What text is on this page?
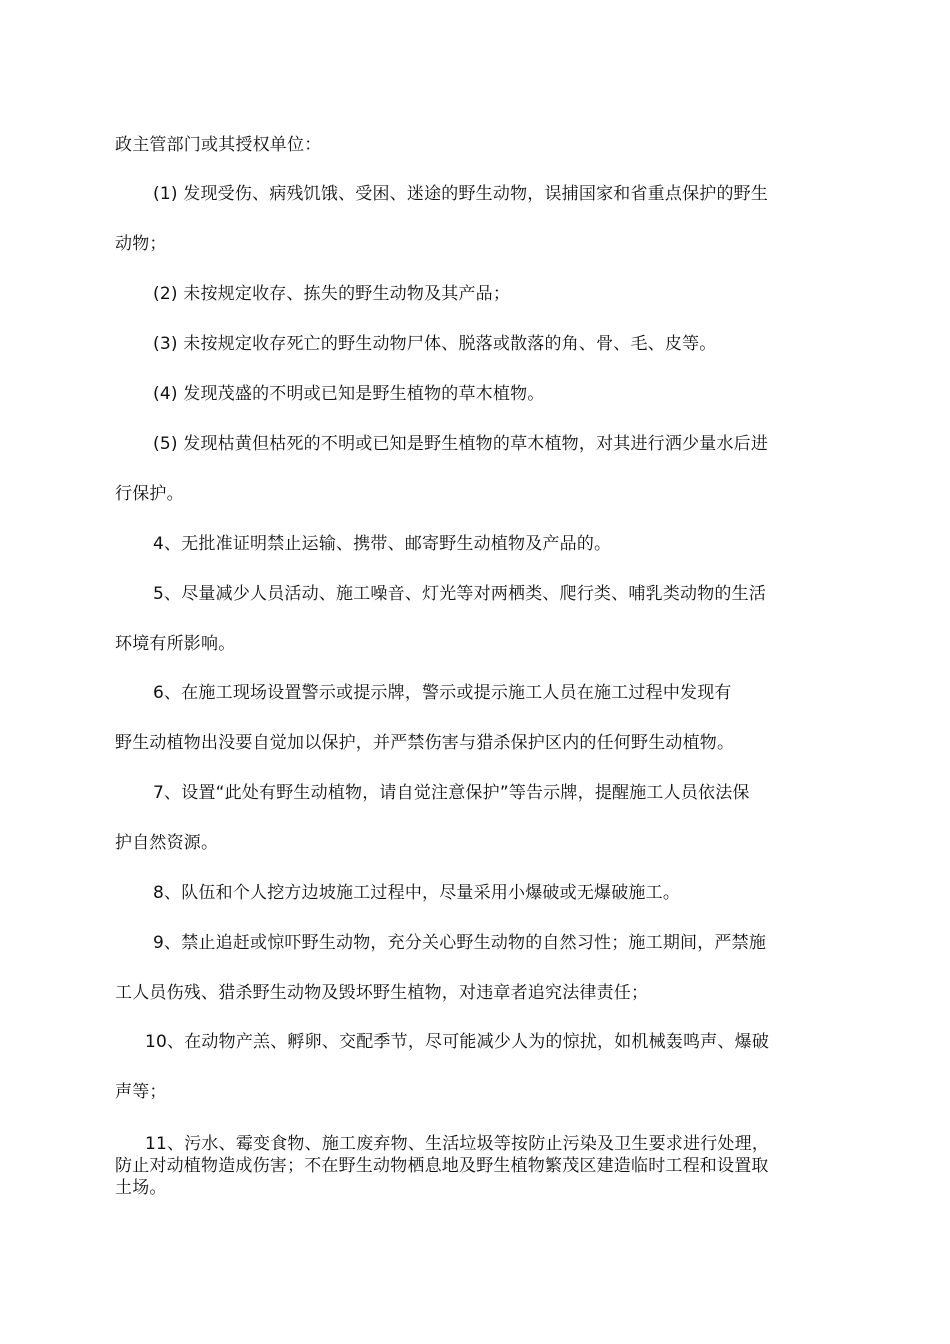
政主管部门或其授权单位：
(1) 发现受伤、病残饥饿、受困、迷途的野生动物，误捕国家和省重点保护的野生
动物；
(2) 未按规定收存、拣失的野生动物及其产品；
(3) 未按规定收存死亡的野生动物尸体、脱落或散落的角、骨、毛、皮等。
(4) 发现茂盛的不明或已知是野生植物的草木植物。
(5) 发现枯黄但枯死的不明或已知是野生植物的草木植物，对其进行洒少量水后进
行保护。
4、无批准证明禁止运输、携带、邮寄野生动植物及产品的。
5、尽量减少人员活动、施工噪音、灯光等对两栖类、爬行类、哺乳类动物的生活
环境有所影响。
6、在施工现场设置警示或提示牌，警示或提示施工人员在施工过程中发现有
野生动植物出没要自觉加以保护，并严禁伤害与猎杀保护区内的任何野生动植物。
7、设置“此处有野生动植物，请自觉注意保护”等告示牌，提醒施工人员依法保
护自然资源。
8、队伍和个人挖方边坡施工过程中，尽量采用小爆破或无爆破施工。
9、禁止追赶或惊吓野生动物，充分关心野生动物的自然习性；施工期间，严禁施
工人员伤残、猎杀野生动物及毁坏野生植物，对违章者追究法律责任；
10、在动物产羔、孵卵、交配季节，尽可能减少人为的惊扰，如机械轰鸣声、爆破
声等；
11、污水、霉变食物、施工废弃物、生活垃圾等按防止污染及卫生要求进行处理，
防止对动植物造成伤害；不在野生动物栖息地及野生植物繁茂区建造临时工程和设置取
土场。
